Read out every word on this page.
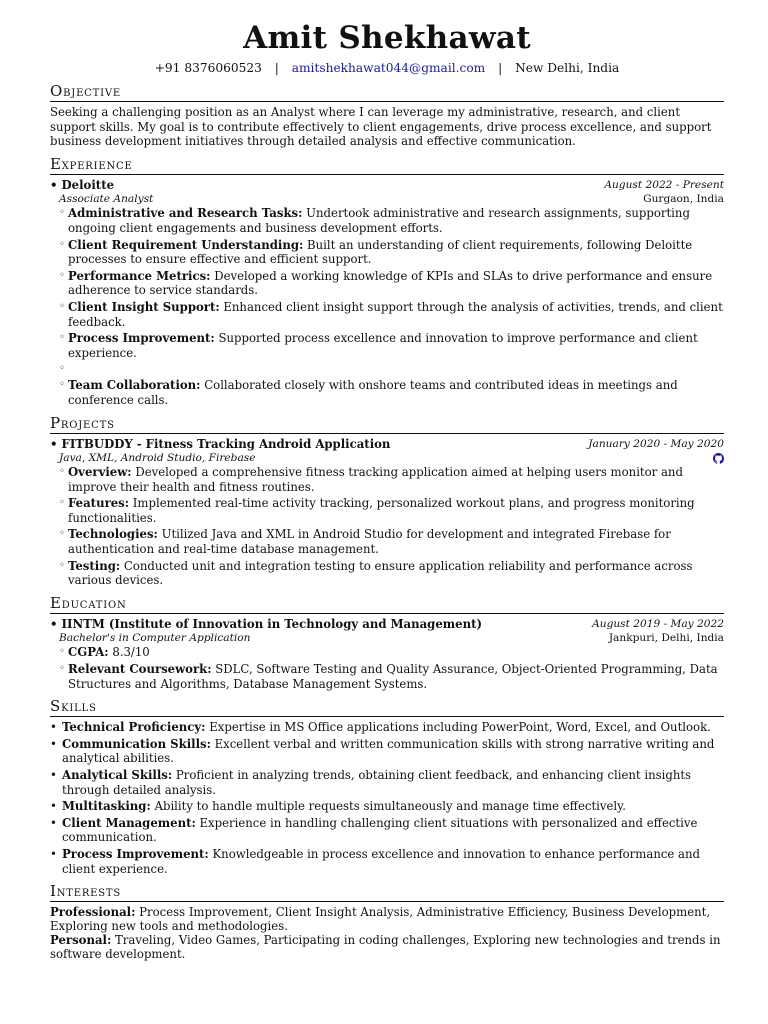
Amit Shekhawat
+91 8376060523 | amitshekhawat044@gmail.com | New Delhi, India
Objective

Seeking a challenging position as an Analyst where I can leverage my administrative, research, and client support skills. My goal is to contribute effectively to client engagements, drive process excellence, and support business development initiatives through detailed analysis and effective communication.

Experience
• Deloitte	August 2022 - Present
Associate Analyst	Gurgaon, India
◦ Administrative and Research Tasks: Undertook administrative and research assignments, supporting ongoing client engagements and business development efforts.
◦ Client Requirement Understanding: Built an understanding of client requirements, following Deloitte processes to ensure effective and efficient support.
◦ Performance Metrics: Developed a working knowledge of KPIs and SLAs to drive performance and ensure adherence to service standards.
◦ Client Insight Support: Enhanced client insight support through the analysis of activities, trends, and client feedback.
◦ Process Improvement: Supported process excellence and innovation to improve performance and client experience.
◦
◦ Team Collaboration: Collaborated closely with onshore teams and contributed ideas in meetings and conference calls.
Projects
• FITBUDDY - Fitness Tracking Android Application	January 2020 - May 2020
Java, XML, Android Studio, Firebase
◦ Overview: Developed a comprehensive fitness tracking application aimed at helping users monitor and improve their health and fitness routines.
◦ Features: Implemented real-time activity tracking, personalized workout plans, and progress monitoring functionalities.
◦ Technologies: Utilized Java and XML in Android Studio for development and integrated Firebase for authentication and real-time database management.
◦ Testing: Conducted unit and integration testing to ensure application reliability and performance across various devices.
Education
• IINTM (Institute of Innovation in Technology and Management)	August 2019 - May 2022
Bachelor's in Computer Application	Jankpuri, Delhi, India
◦ CGPA: 8.3/10
◦ Relevant Coursework: SDLC, Software Testing and Quality Assurance, Object-Oriented Programming, Data Structures and Algorithms, Database Management Systems.
Skills
• Technical Proficiency: Expertise in MS Office applications including PowerPoint, Word, Excel, and Outlook.
• Communication Skills: Excellent verbal and written communication skills with strong narrative writing and analytical abilities.
• Analytical Skills: Proficient in analyzing trends, obtaining client feedback, and enhancing client insights through detailed analysis.
• Multitasking: Ability to handle multiple requests simultaneously and manage time effectively.
• Client Management: Experience in handling challenging client situations with personalized and effective communication.
• Process Improvement: Knowledgeable in process excellence and innovation to enhance performance and client experience.
Interests

Professional: Process Improvement, Client Insight Analysis, Administrative Efficiency, Business Development, Exploring new tools and methodologies.

Personal: Traveling, Video Games, Participating in coding challenges, Exploring new technologies and trends in software development.
